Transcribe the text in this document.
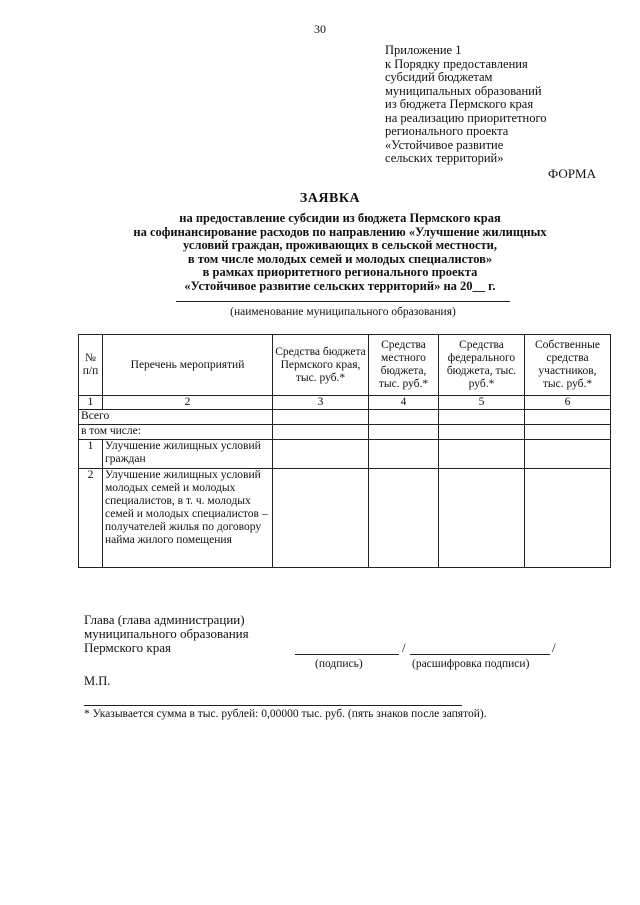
30
Приложение 1
к Порядку предоставления
субсидий бюджетам
муниципальных образований
из бюджета Пермского края
на реализацию приоритетного
регионального проекта
«Устойчивое развитие
сельских территорий»
ФОРМА
ЗАЯВКА
на предоставление субсидии из бюджета Пермского края
на софинансирование расходов по направлению «Улучшение жилищных
условий граждан, проживающих в сельской местности,
в том числе молодых семей и молодых специалистов»
в рамках приоритетного регионального проекта
«Устойчивое развитие сельских территорий» на 20__ г.
(наименование муниципального образования)
№ п/п	Перечень мероприятий	Средства бюджета Пермского края, тыс. руб.*	Средства местного бюджета, тыс. руб.*	Средства федерального бюджета, тыс. руб.*	Собственные средства участников, тыс. руб.*
1	2	3	4	5	6
Всего					
в том числе:					
1	Улучшение жилищных условий граждан				
2	Улучшение жилищных условий молодых семей и молодых специалистов, в т. ч. молодых семей и молодых специалистов – получателей жилья по договору найма жилого помещения				
Глава (глава администрации)
муниципального образования
Пермского края	/	/
(подпись)	(расшифровка подписи)
М.П.
* Указывается сумма в тыс. рублей: 0,00000 тыс. руб. (пять знаков после запятой).
